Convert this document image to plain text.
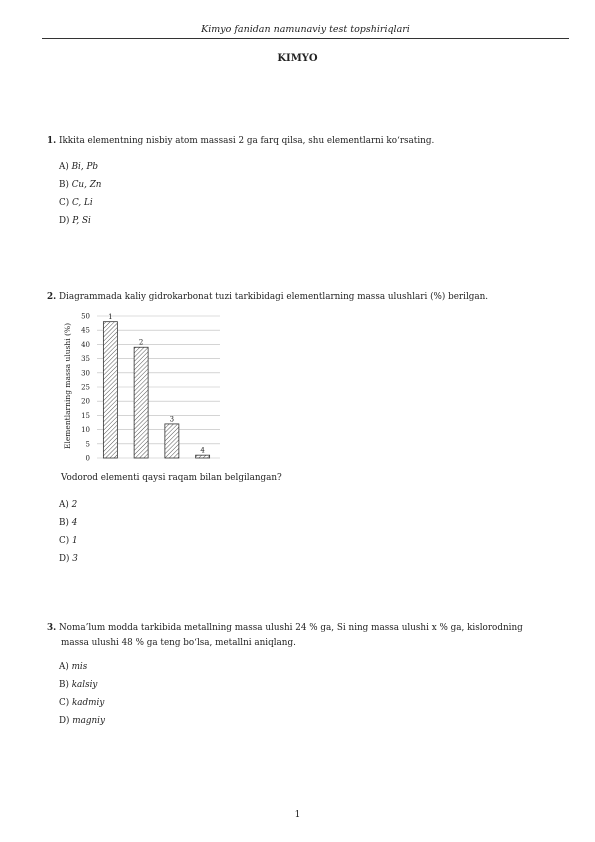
Kimyo fanidan namunaviy test topshiriqlari
KIMYO
1. Ikkita elementning nisbiy atom massasi 2 ga farq qilsa, shu elementlarni ko‘rsating.
A) Bi, Pb
B) Cu, Zn
C) C, Li
D) P, Si
2. Diagrammada kaliy gidrokarbonat tuzi tarkibidagi elementlarning massa ulushlari (%) berilgan.
0
5
10
15
20
25
30
35
40
45
50	1
2
3
4
Elementlarning massa ulushi (%)
Vodorod elementi qaysi raqam bilan belgilangan?
A) 2
B) 4
C) 1
D) 3
3. Noma’lum modda tarkibida metallning massa ulushi 24 % ga, Si ning massa ulushi x % ga, kislorodning
massa ulushi 48 % ga teng bo‘lsa, metallni aniqlang.
A) mis
B) kalsiy
C) kadmiy
D) magniy
1
